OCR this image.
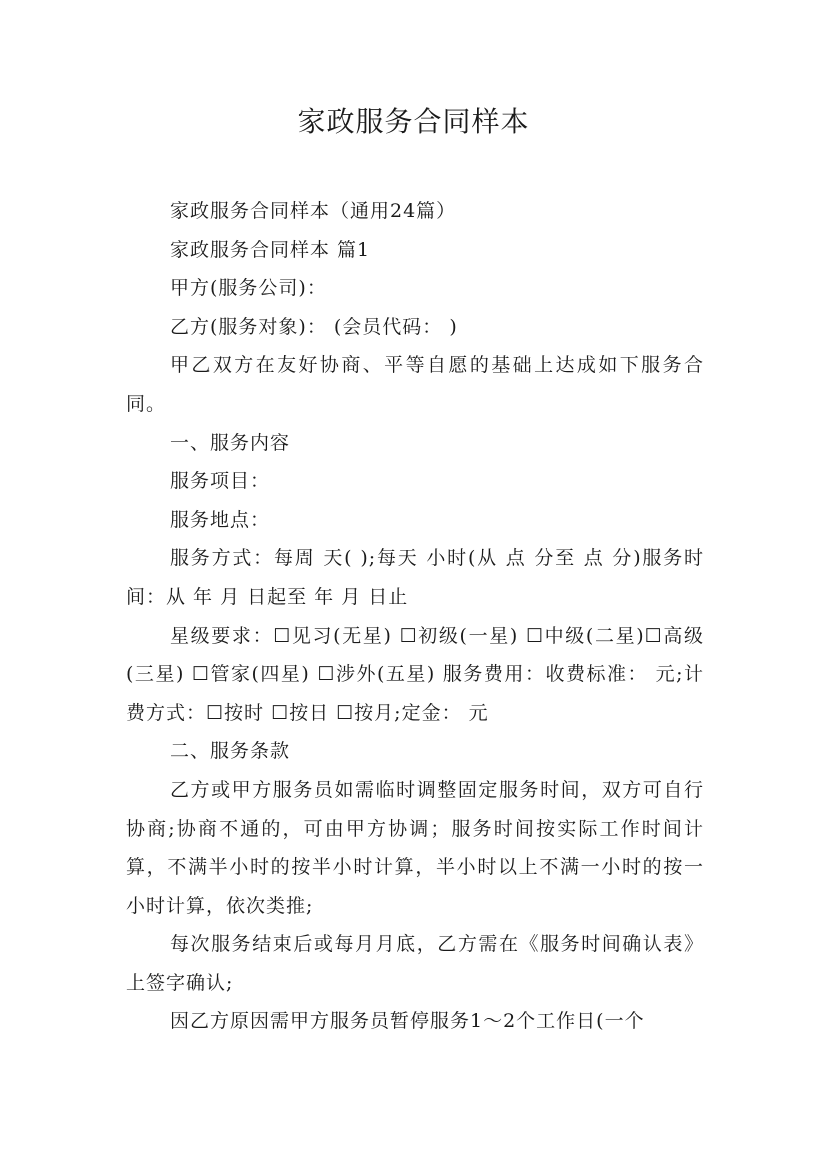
家政服务合同样本

家政服务合同样本（通用24篇）

家政服务合同样本 篇1

甲方(服务公司)：

乙方(服务对象)： (会员代码： )

甲乙双方在友好协商、平等自愿的基础上达成如下服务合同。

一、服务内容

服务项目：

服务地点：

服务方式：每周 天( );每天 小时(从 点 分至 点 分)服务时间：从 年 月 日起至 年 月 日止

星级要求：☐见习(无星) ☐初级(一星) ☐中级(二星)☐高级(三星) ☐管家(四星) ☐涉外(五星) 服务费用：收费标准： 元;计费方式：☐按时 ☐按日 ☐按月;定金： 元

二、服务条款

乙方或甲方服务员如需临时调整固定服务时间，双方可自行协商;协商不通的，可由甲方协调；服务时间按实际工作时间计算，不满半小时的按半小时计算，半小时以上不满一小时的按一小时计算，依次类推;

每次服务结束后或每月月底，乙方需在《服务时间确认表》上签字确认;

因乙方原因需甲方服务员暂停服务1～2个工作日(一个
